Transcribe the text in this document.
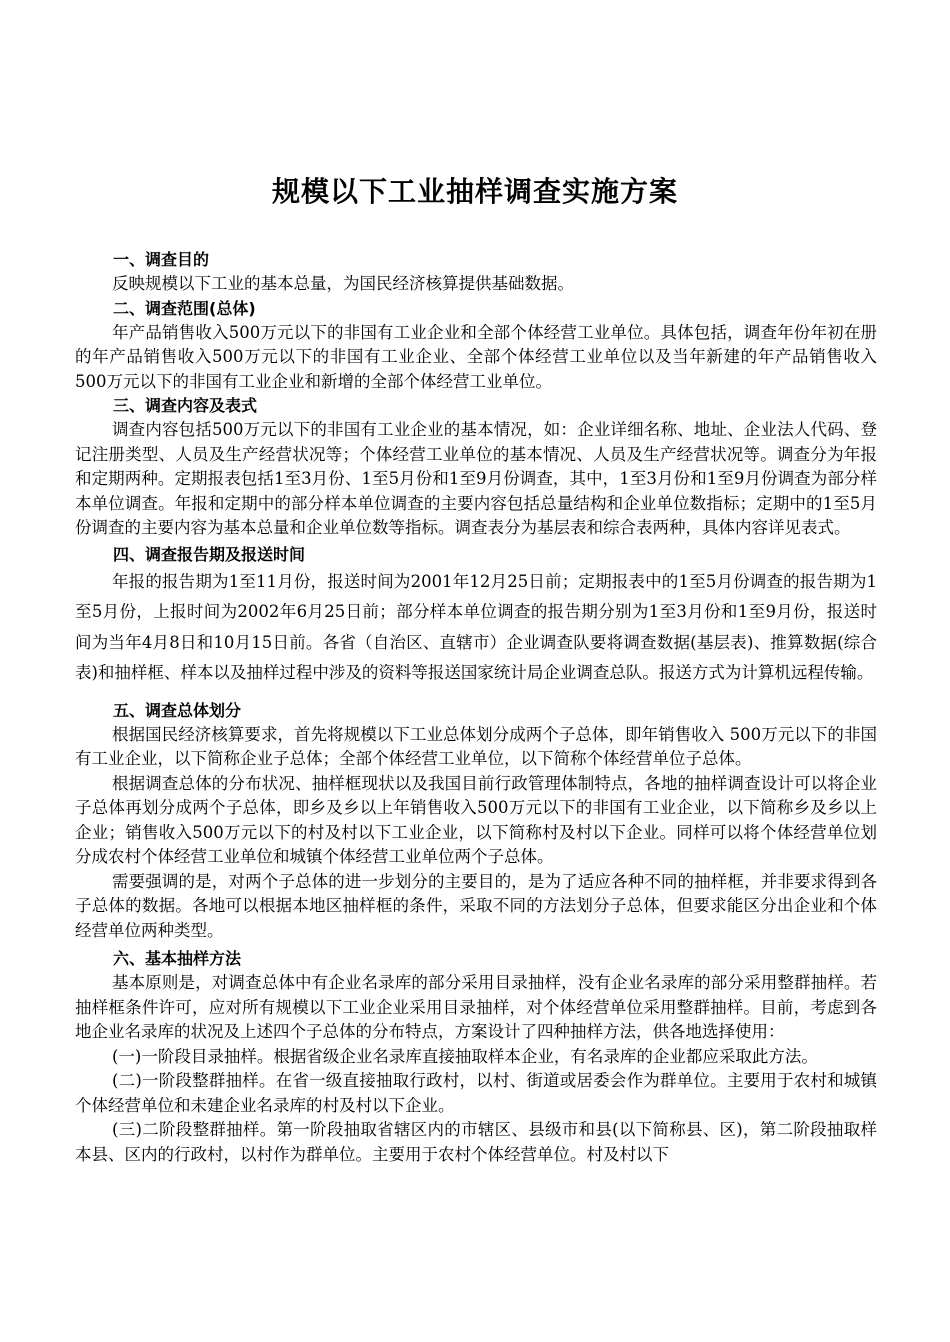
规模以下工业抽样调查实施方案

一、调查目的

反映规模以下工业的基本总量，为国民经济核算提供基础数据。

二、调查范围(总体)

年产品销售收入500万元以下的非国有工业企业和全部个体经营工业单位。具体包括，调查年份年初在册的年产品销售收入500万元以下的非国有工业企业、全部个体经营工业单位以及当年新建的年产品销售收入500万元以下的非国有工业企业和新增的全部个体经营工业单位。

三、调查内容及表式

调查内容包括500万元以下的非国有工业企业的基本情况，如：企业详细名称、地址、企业法人代码、登记注册类型、人员及生产经营状况等；个体经营工业单位的基本情况、人员及生产经营状况等。调查分为年报和定期两种。定期报表包括1至3月份、1至5月份和1至9月份调查，其中，1至3月份和1至9月份调查为部分样本单位调查。年报和定期中的部分样本单位调查的主要内容包括总量结构和企业单位数指标；定期中的1至5月份调查的主要内容为基本总量和企业单位数等指标。调查表分为基层表和综合表两种，具体内容详见表式。

四、调查报告期及报送时间

年报的报告期为1至11月份，报送时间为2001年12月25日前；定期报表中的1至5月份调查的报告期为1至5月份，上报时间为2002年6月25日前；部分样本单位调查的报告期分别为1至3月份和1至9月份，报送时间为当年4月8日和10月15日前。各省（自治区、直辖市）企业调查队要将调查数据(基层表)、推算数据(综合表)和抽样框、样本以及抽样过程中涉及的资料等报送国家统计局企业调查总队。报送方式为计算机远程传输。

五、调查总体划分

根据国民经济核算要求，首先将规模以下工业总体划分成两个子总体，即年销售收入 500万元以下的非国有工业企业，以下简称企业子总体；全部个体经营工业单位，以下简称个体经营单位子总体。

根据调查总体的分布状况、抽样框现状以及我国目前行政管理体制特点，各地的抽样调查设计可以将企业子总体再划分成两个子总体，即乡及乡以上年销售收入500万元以下的非国有工业企业，以下简称乡及乡以上企业；销售收入500万元以下的村及村以下工业企业，以下简称村及村以下企业。同样可以将个体经营单位划分成农村个体经营工业单位和城镇个体经营工业单位两个子总体。

需要强调的是，对两个子总体的进一步划分的主要目的，是为了适应各种不同的抽样框，并非要求得到各子总体的数据。各地可以根据本地区抽样框的条件，采取不同的方法划分子总体，但要求能区分出企业和个体经营单位两种类型。

六、基本抽样方法

基本原则是，对调查总体中有企业名录库的部分采用目录抽样，没有企业名录库的部分采用整群抽样。若抽样框条件许可，应对所有规模以下工业企业采用目录抽样，对个体经营单位采用整群抽样。目前，考虑到各地企业名录库的状况及上述四个子总体的分布特点，方案设计了四种抽样方法，供各地选择使用：

(一)一阶段目录抽样。根据省级企业名录库直接抽取样本企业，有名录库的企业都应采取此方法。

(二)一阶段整群抽样。在省一级直接抽取行政村，以村、街道或居委会作为群单位。主要用于农村和城镇个体经营单位和未建企业名录库的村及村以下企业。

(三)二阶段整群抽样。第一阶段抽取省辖区内的市辖区、县级市和县(以下简称县、区)，第二阶段抽取样本县、区内的行政村，以村作为群单位。主要用于农村个体经营单位。村及村以下
